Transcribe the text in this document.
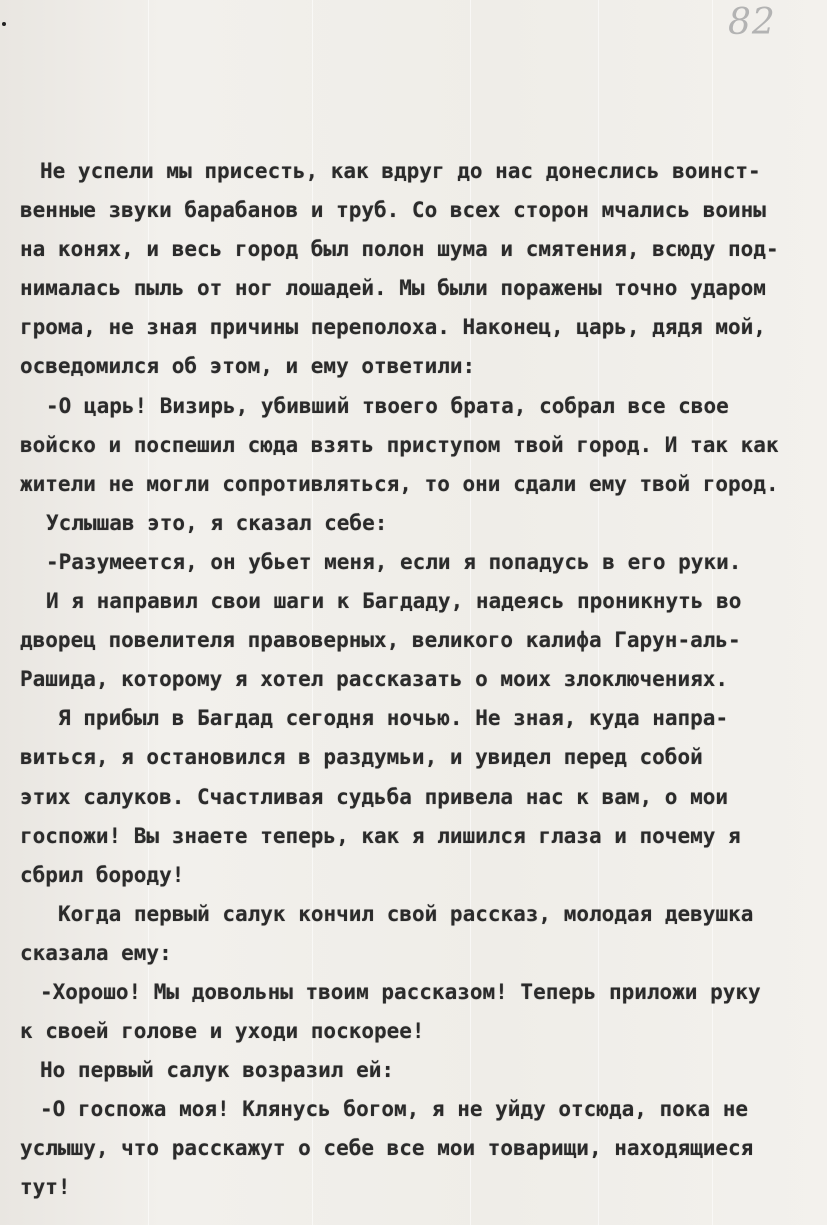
82
Не успели мы присесть, как вдруг до нас донеслись воинст-
венные звуки барабанов и труб. Со всех сторон мчались воины
на конях, и весь город был полон шума и смятения, всюду под-
нималась пыль от ног лошадей. Мы были поражены точно ударом
грома, не зная причины переполоха. Наконец, царь, дядя мой,
осведомился об этом, и ему ответили:
-О царь! Визирь, убивший твоего брата, собрал все свое
войско и поспешил сюда взять приступом твой город. И так как
жители не могли сопротивляться, то они сдали ему твой город.
Услышав это, я сказал себе:
-Разумеется, он убьет меня, если я попадусь в его руки.
И я направил свои шаги к Багдаду, надеясь проникнуть во
дворец повелителя правоверных, великого калифа Гарун-аль-
Рашида, которому я хотел рассказать о моих злоключениях.
Я прибыл в Багдад сегодня ночью. Не зная, куда напра-
виться, я остановился в раздумьи, и увидел перед собой
этих салуков. Счастливая судьба привела нас к вам, о мои
госпожи! Вы знаете теперь, как я лишился глаза и почему я
сбрил бороду!
Когда первый салук кончил свой рассказ, молодая девушка
сказала ему:
-Хорошо! Мы довольны твоим рассказом! Теперь приложи руку
к своей голове и уходи поскорее!
Но первый салук возразил ей:
-О госпожа моя! Клянусь богом, я не уйду отсюда, пока не
услышу, что расскажут о себе все мои товарищи, находящиеся
тут!
